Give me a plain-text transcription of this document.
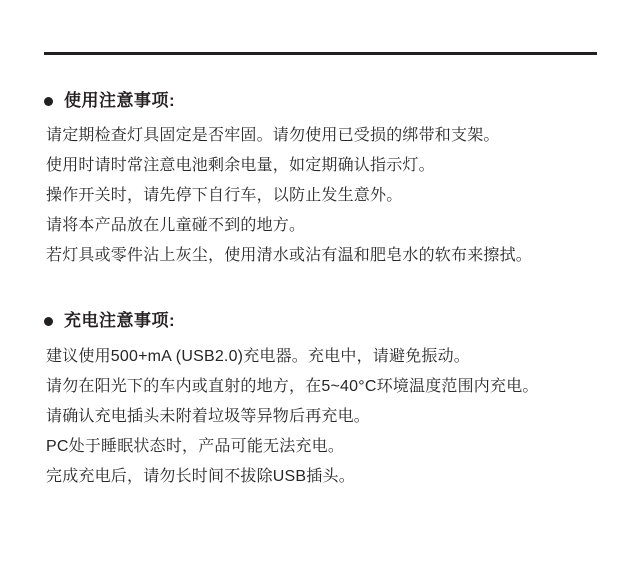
使用注意事项:
请定期检查灯具固定是否牢固。请勿使用已受损的绑带和支架。
使用时请时常注意电池剩余电量，如定期确认指示灯。
操作开关时，请先停下自行车，以防止发生意外。
请将本产品放在儿童碰不到的地方。
若灯具或零件沾上灰尘，使用清水或沾有温和肥皂水的软布来擦拭。
充电注意事项:
建议使用500+mA (USB2.0)充电器。充电中，请避免振动。
请勿在阳光下的车内或直射的地方，在5~40°C环境温度范围内充电。
请确认充电插头未附着垃圾等异物后再充电。
PC处于睡眠状态时，产品可能无法充电。
完成充电后，请勿长时间不拔除USB插头。
